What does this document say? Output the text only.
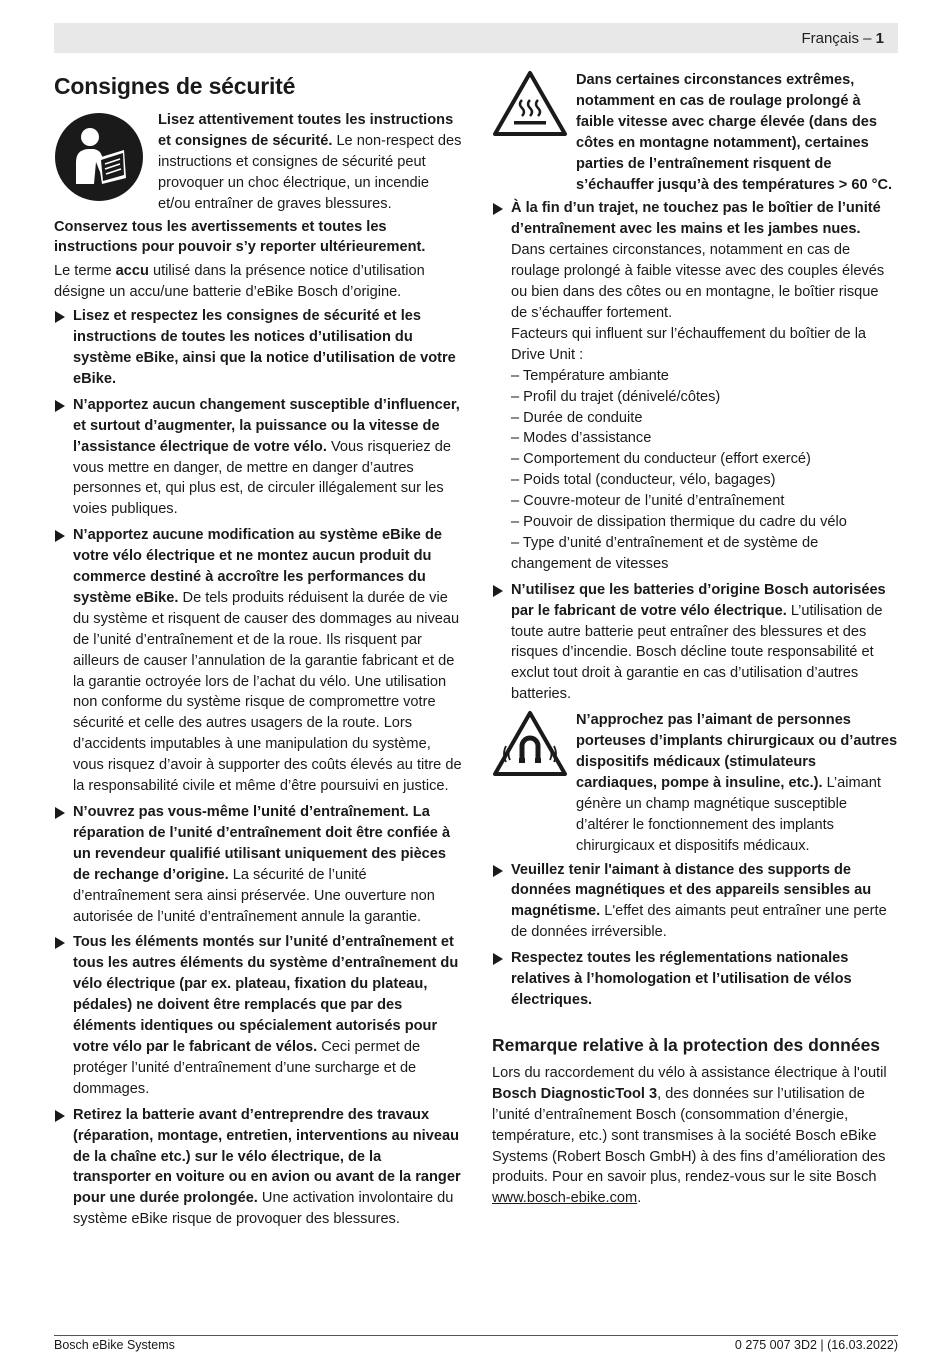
Français – 1
Consignes de sécurité
Lisez attentivement toutes les instructions et consignes de sécurité. Le non-respect des instructions et consignes de sécurité peut provoquer un choc électrique, un incendie et/ou entraîner de graves blessures.

Conservez tous les avertissements et toutes les instructions pour pouvoir s’y reporter ultérieurement.

Le terme accu utilisé dans la présence notice d’utilisation désigne un accu/une batterie d’eBike Bosch d’origine.

Lisez et respectez les consignes de sécurité et les instructions de toutes les notices d’utilisation du système eBike, ainsi que la notice d’utilisation de votre eBike.
N’apportez aucun changement susceptible d’influencer, et surtout d’augmenter, la puissance ou la vitesse de l’assistance électrique de votre vélo. Vous risqueriez de vous mettre en danger, de mettre en danger d’autres personnes et, qui plus est, de circuler illégalement sur les voies publiques.
N’apportez aucune modification au système eBike de votre vélo électrique et ne montez aucun produit du commerce destiné à accroître les performances du système eBike. De tels produits réduisent la durée de vie du système et risquent de causer des dommages au niveau de l’unité d’entraînement et de la roue. Ils risquent par ailleurs de causer l’annulation de la garantie fabricant et de la garantie octroyée lors de l’achat du vélo. Une utilisation non conforme du système risque de compromettre votre sécurité et celle des autres usagers de la route. Lors d’accidents imputables à une manipulation du système, vous risquez d’avoir à supporter des coûts élevés au titre de la responsabilité civile et même d’être poursuivi en justice.
N’ouvrez pas vous-même l’unité d’entraînement. La réparation de l’unité d’entraînement doit être confiée à un revendeur qualifié utilisant uniquement des pièces de rechange d’origine. La sécurité de l’unité d’entraînement sera ainsi préservée. Une ouverture non autorisée de l’unité d’entraînement annule la garantie.
Tous les éléments montés sur l’unité d’entraînement et tous les autres éléments du système d’entraînement du vélo électrique (par ex. plateau, fixation du plateau, pédales) ne doivent être remplacés que par des éléments identiques ou spécialement autorisés pour votre vélo par le fabricant de vélos. Ceci permet de protéger l’unité d’entraînement d’une surcharge et de dommages.
Retirez la batterie avant d’entreprendre des travaux (réparation, montage, entretien, interventions au niveau de la chaîne etc.) sur le vélo électrique, de la transporter en voiture ou en avion ou avant de la ranger pour une durée prolongée. Une activation involontaire du système eBike risque de provoquer des blessures.
Dans certaines circonstances extrêmes, notamment en cas de roulage prolongé à faible vitesse avec charge élevée (dans des côtes en montagne notamment), certaines parties de l’entraînement risquent de s’échauffer jusqu’à des températures > 60 °C.
À la fin d’un trajet, ne touchez pas le boîtier de l’unité d’entraînement avec les mains et les jambes nues.
Dans certaines circonstances, notamment en cas de roulage prolongé à faible vitesse avec des couples élevés ou bien dans des côtes ou en montagne, le boîtier risque de s’échauffer fortement.
Facteurs qui influent sur l’échauffement du boîtier de la Drive Unit :

– Température ambiante

– Profil du trajet (dénivelé/côtes)

– Durée de conduite

– Modes d’assistance

– Comportement du conducteur (effort exercé)

– Poids total (conducteur, vélo, bagages)

– Couvre-moteur de l’unité d’entraînement

– Pouvoir de dissipation thermique du cadre du vélo

– Type d’unité d’entraînement et de système de changement de vitesses

N’utilisez que les batteries d’origine Bosch autorisées par le fabricant de votre vélo électrique. L’utilisation de toute autre batterie peut entraîner des blessures et des risques d’incendie. Bosch décline toute responsabilité et exclut tout droit à garantie en cas d’utilisation d’autres batteries.
N’approchez pas l’aimant de personnes porteuses d’implants chirurgicaux ou d’autres dispositifs médicaux (stimulateurs cardiaques, pompe à insuline, etc.). L’aimant génère un champ magnétique susceptible d’altérer le fonctionnement des implants chirurgicaux et dispositifs médicaux.
Veuillez tenir l'aimant à distance des supports de données magnétiques et des appareils sensibles au magnétisme. L'effet des aimants peut entraîner une perte de données irréversible.
Respectez toutes les réglementations nationales relatives à l’homologation et l’utilisation de vélos électriques.
Remarque relative à la protection des données

Lors du raccordement du vélo à assistance électrique à l'outil Bosch DiagnosticTool 3, des données sur l’utilisation de l’unité d’entraînement Bosch (consommation d’énergie, température, etc.) sont transmises à la société Bosch eBike Systems (Robert Bosch GmbH) à des fins d’amélioration des produits. Pour en savoir plus, rendez-vous sur le site Bosch www.bosch-ebike.com.

Bosch eBike Systems	0 275 007 3D2 | (16.03.2022)
